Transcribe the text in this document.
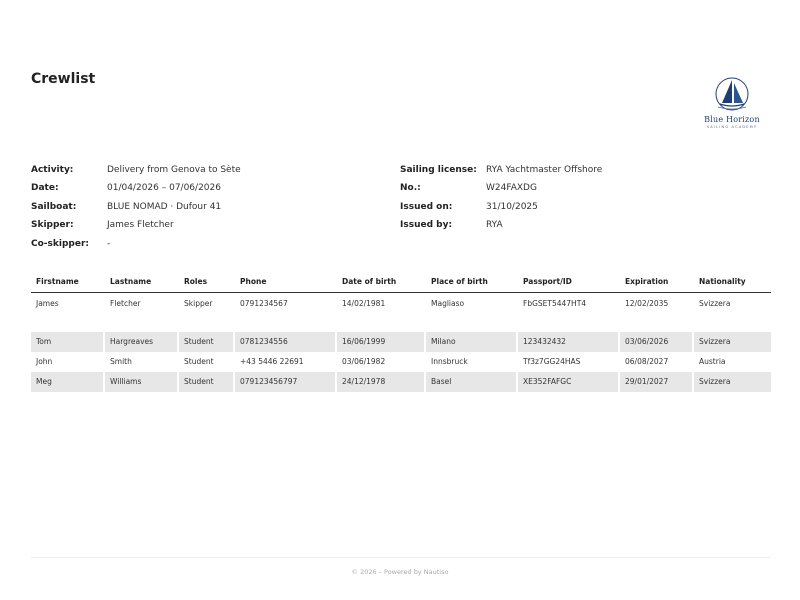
Crewlist
Blue Horizon
SAILING ACADEMY
Activity:	Delivery from Genova to Sète
Date:	01/04/2026 – 07/06/2026
Sailboat:	BLUE NOMAD · Dufour 41
Skipper:	James Fletcher
Co-skipper: -
Sailing license: RYA Yachtmaster Offshore
No.:	W24FAXDG
Issued on:	31/10/2025
Issued by:	RYA
Firstname	Lastname	Roles	Phone	Date of birth	Place of birth	Passport/ID	Expiration	Nationality
James	Fletcher	Skipper	0791234567	14/02/1981	Magliaso	FbGSET5447HT4	12/02/2035	Svizzera
Tom	Hargreaves	Student	0781234556	16/06/1999	Milano	123432432	03/06/2026	Svizzera
John	Smith	Student	+43 5446 22691	03/06/1982	Innsbruck	Tf3z7GG24HAS	06/08/2027	Austria
Meg	Williams	Student	079123456797	24/12/1978	Basel	XE352FAFGC	29/01/2027	Svizzera
© 2026 – Powered by Nautiso
